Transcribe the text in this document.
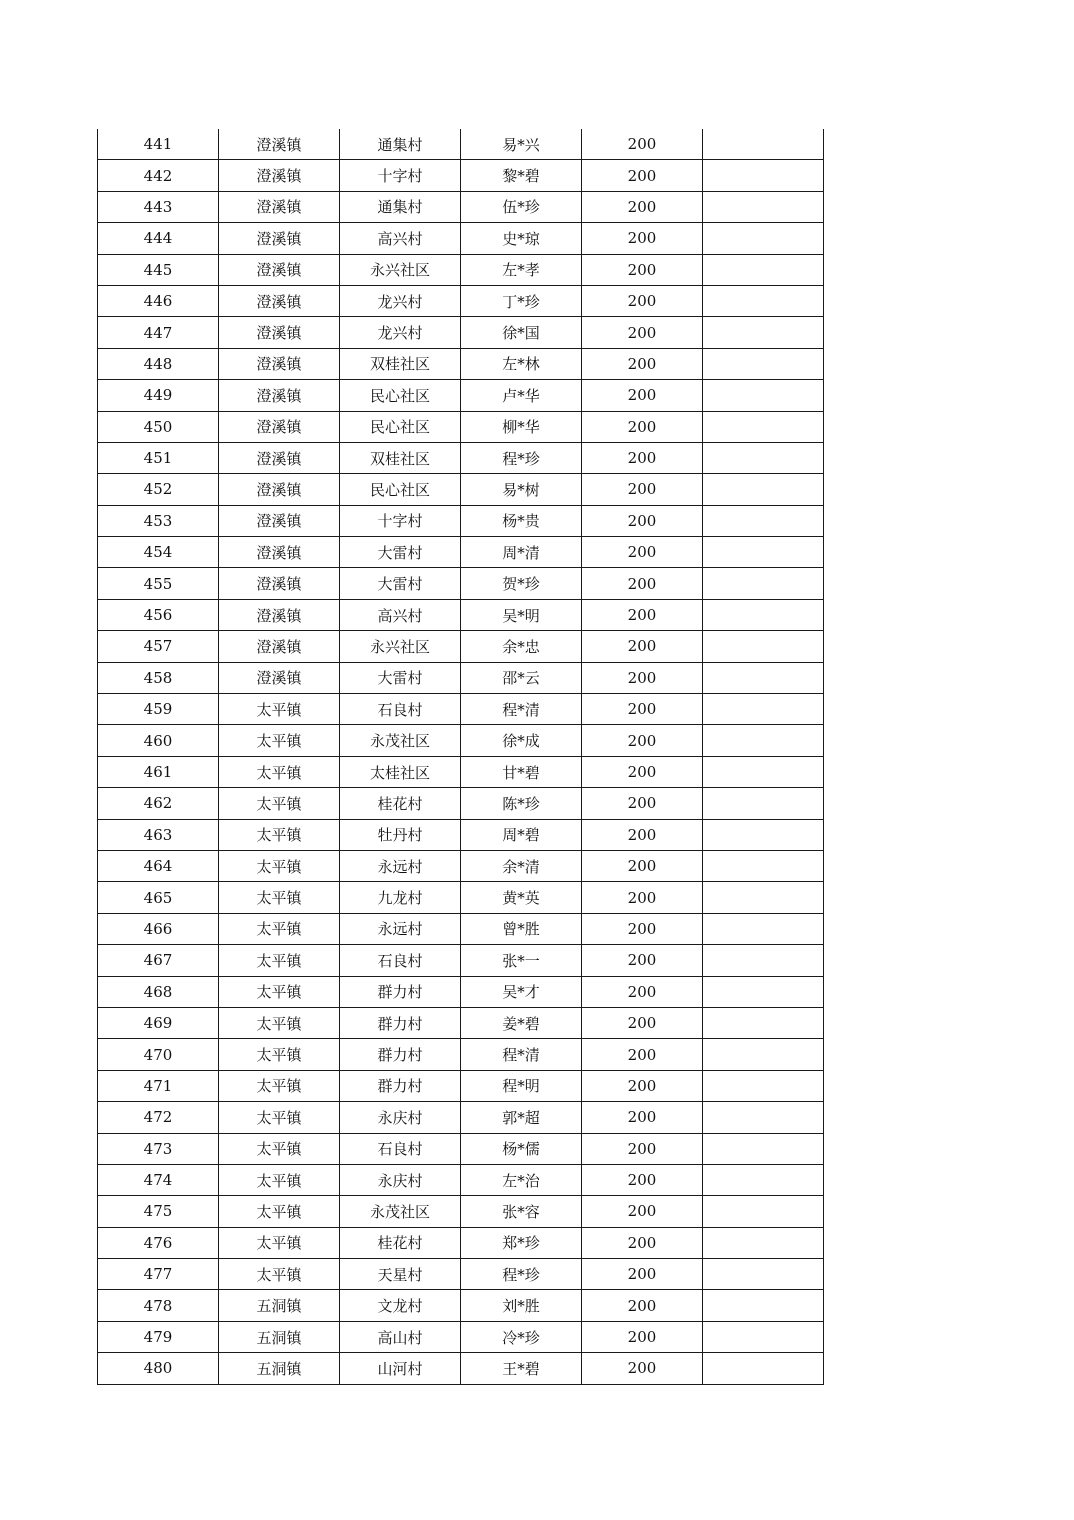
441	澄溪镇	通集村	易*兴	200	
442	澄溪镇	十字村	黎*碧	200	
443	澄溪镇	通集村	伍*珍	200	
444	澄溪镇	高兴村	史*琼	200	
445	澄溪镇	永兴社区	左*孝	200	
446	澄溪镇	龙兴村	丁*珍	200	
447	澄溪镇	龙兴村	徐*国	200	
448	澄溪镇	双桂社区	左*林	200	
449	澄溪镇	民心社区	卢*华	200	
450	澄溪镇	民心社区	柳*华	200	
451	澄溪镇	双桂社区	程*珍	200	
452	澄溪镇	民心社区	易*树	200	
453	澄溪镇	十字村	杨*贵	200	
454	澄溪镇	大雷村	周*清	200	
455	澄溪镇	大雷村	贺*珍	200	
456	澄溪镇	高兴村	吴*明	200	
457	澄溪镇	永兴社区	余*忠	200	
458	澄溪镇	大雷村	邵*云	200	
459	太平镇	石良村	程*清	200	
460	太平镇	永茂社区	徐*成	200	
461	太平镇	太桂社区	甘*碧	200	
462	太平镇	桂花村	陈*珍	200	
463	太平镇	牡丹村	周*碧	200	
464	太平镇	永远村	余*清	200	
465	太平镇	九龙村	黄*英	200	
466	太平镇	永远村	曾*胜	200	
467	太平镇	石良村	张*一	200	
468	太平镇	群力村	吴*才	200	
469	太平镇	群力村	姜*碧	200	
470	太平镇	群力村	程*清	200	
471	太平镇	群力村	程*明	200	
472	太平镇	永庆村	郭*超	200	
473	太平镇	石良村	杨*儒	200	
474	太平镇	永庆村	左*治	200	
475	太平镇	永茂社区	张*容	200	
476	太平镇	桂花村	郑*珍	200	
477	太平镇	天星村	程*珍	200	
478	五洞镇	文龙村	刘*胜	200	
479	五洞镇	高山村	冷*珍	200	
480	五洞镇	山河村	王*碧	200	
